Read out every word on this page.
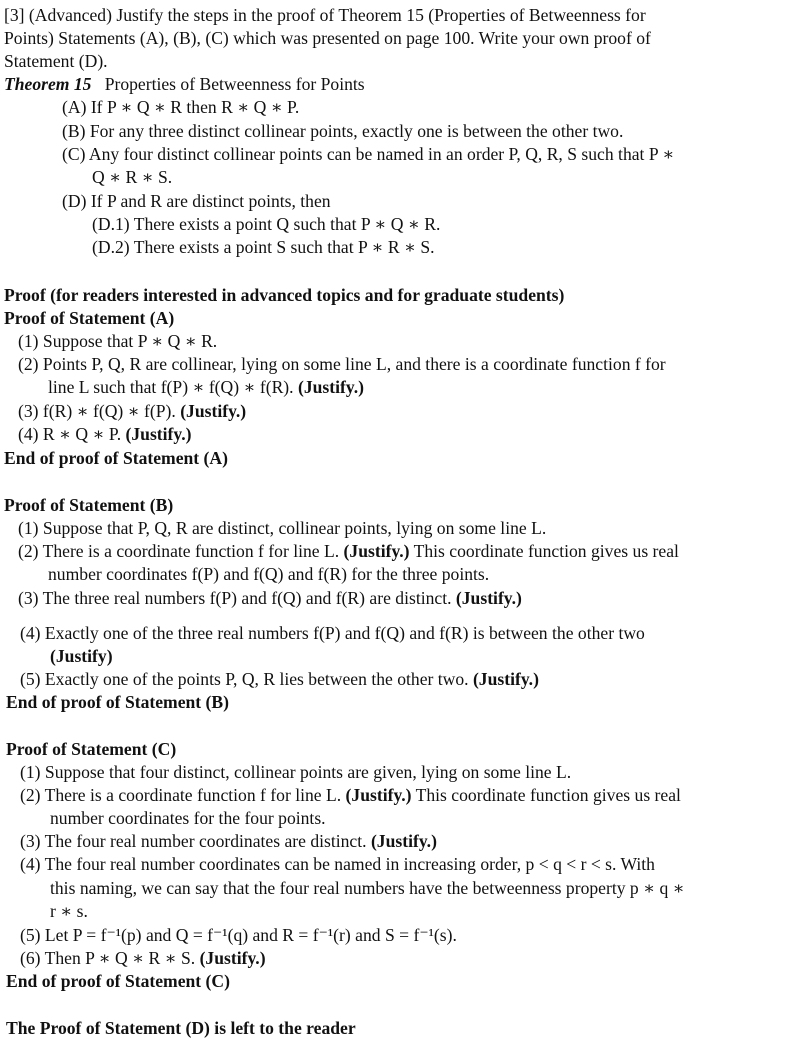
[3] (Advanced) Justify the steps in the proof of Theorem 15 (Properties of Betweenness for
Points) Statements (A), (B), (C) which was presented on page 100. Write your own proof of
Statement (D).
Theorem 15 Properties of Betweenness for Points
(A) If P ∗ Q ∗ R then R ∗ Q ∗ P.
(B) For any three distinct collinear points, exactly one is between the other two.
(C) Any four distinct collinear points can be named in an order P, Q, R, S such that P ∗
Q ∗ R ∗ S.
(D) If P and R are distinct points, then
(D.1) There exists a point Q such that P ∗ Q ∗ R.
(D.2) There exists a point S such that P ∗ R ∗ S.
Proof (for readers interested in advanced topics and for graduate students)
Proof of Statement (A)
(1) Suppose that P ∗ Q ∗ R.
(2) Points P, Q, R are collinear, lying on some line L, and there is a coordinate function f for
line L such that f(P) ∗ f(Q) ∗ f(R). (Justify.)
(3) f(R) ∗ f(Q) ∗ f(P). (Justify.)
(4) R ∗ Q ∗ P. (Justify.)
End of proof of Statement (A)
Proof of Statement (B)
(1) Suppose that P, Q, R are distinct, collinear points, lying on some line L.
(2) There is a coordinate function f for line L. (Justify.) This coordinate function gives us real
number coordinates f(P) and f(Q) and f(R) for the three points.
(3) The three real numbers f(P) and f(Q) and f(R) are distinct. (Justify.)
(4) Exactly one of the three real numbers f(P) and f(Q) and f(R) is between the other two
(Justify)
(5) Exactly one of the points P, Q, R lies between the other two. (Justify.)
End of proof of Statement (B)
Proof of Statement (C)
(1) Suppose that four distinct, collinear points are given, lying on some line L.
(2) There is a coordinate function f for line L. (Justify.) This coordinate function gives us real
number coordinates for the four points.
(3) The four real number coordinates are distinct. (Justify.)
(4) The four real number coordinates can be named in increasing order, p < q < r < s. With
this naming, we can say that the four real numbers have the betweenness property p ∗ q ∗
r ∗ s.
(5) Let P = f⁻¹(p) and Q = f⁻¹(q) and R = f⁻¹(r) and S = f⁻¹(s).
(6) Then P ∗ Q ∗ R ∗ S. (Justify.)
End of proof of Statement (C)
The Proof of Statement (D) is left to the reader
